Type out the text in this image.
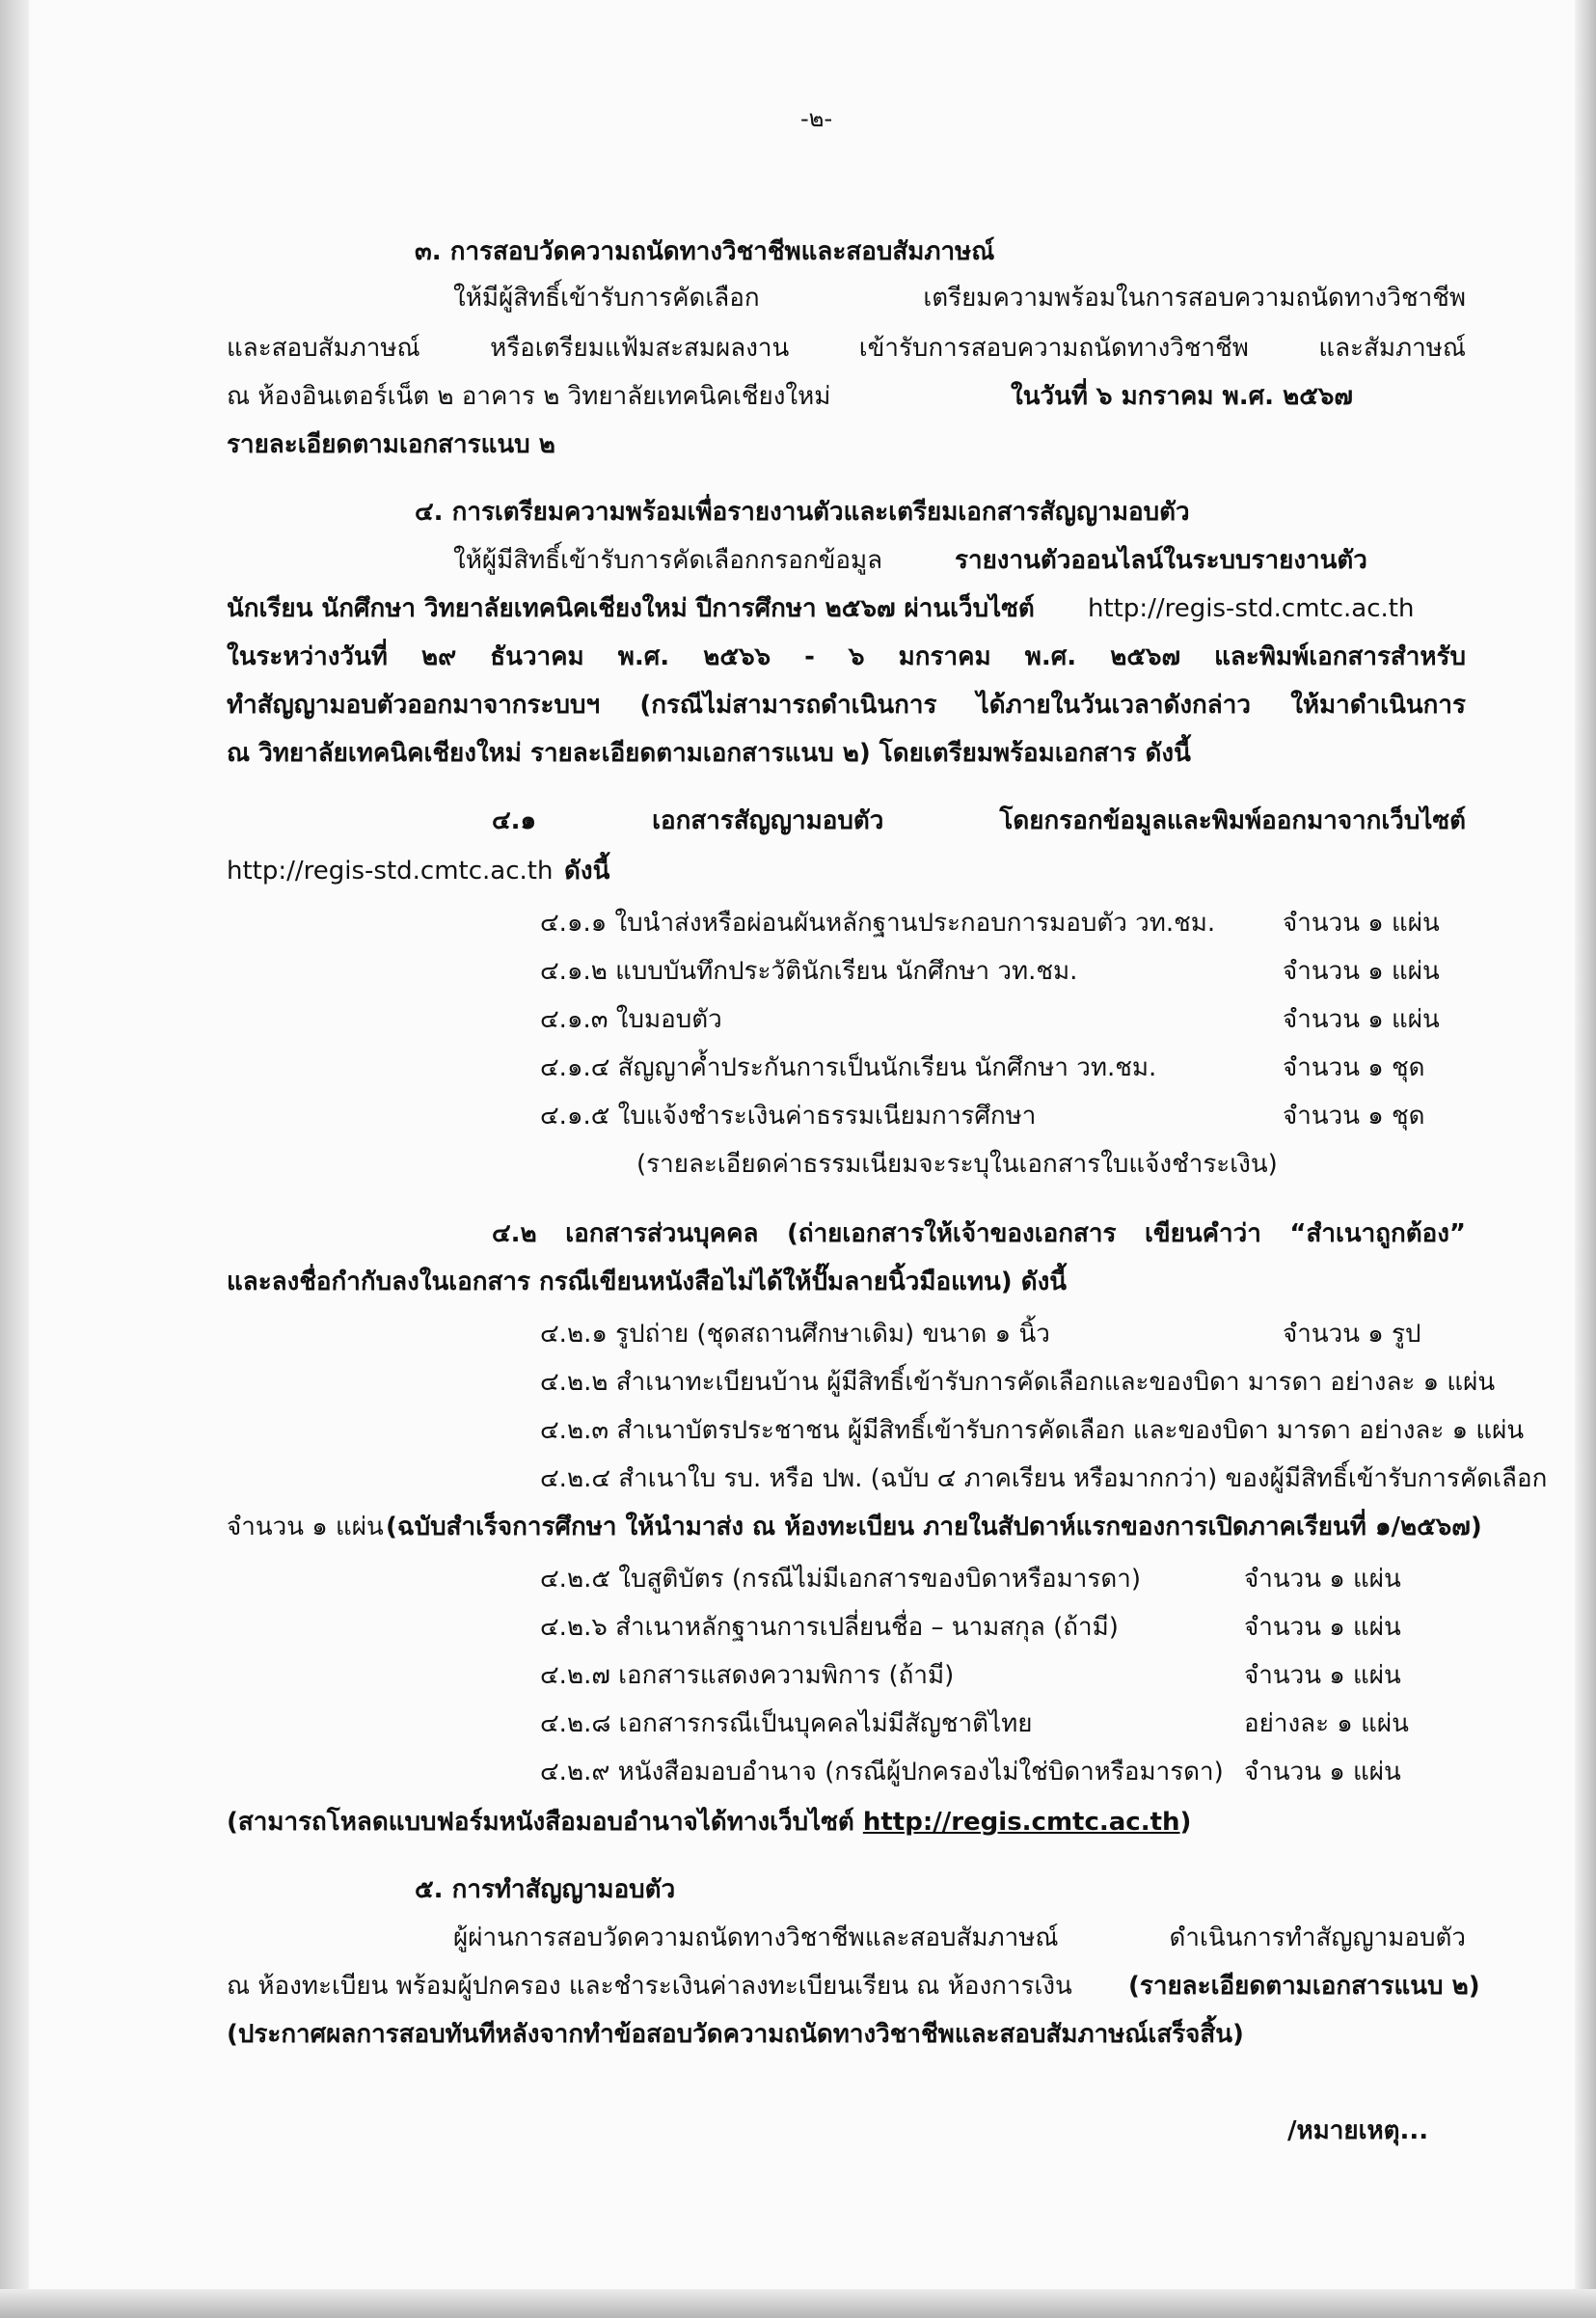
-๒-
๓. การสอบวัดความถนัดทางวิชาชีพและสอบสัมภาษณ์
ให้มีผู้สิทธิ์เข้ารับการคัดเลือก เตรียมความพร้อมในการสอบความถนัดทางวิชาชีพ
และสอบสัมภาษณ์ หรือเตรียมแฟ้มสะสมผลงาน เข้ารับการสอบความถนัดทางวิชาชีพ และสัมภาษณ์
ณ ห้องอินเตอร์เน็ต ๒ อาคาร ๒ วิทยาลัยเทคนิคเชียงใหม่	ในวันที่ ๖ มกราคม พ.ศ. ๒๕๖๗
รายละเอียดตามเอกสารแนบ ๒
๔. การเตรียมความพร้อมเพื่อรายงานตัวและเตรียมเอกสารสัญญามอบตัว
ให้ผู้มีสิทธิ์เข้ารับการคัดเลือกกรอกข้อมูล	รายงานตัวออนไลน์ในระบบรายงานตัว
นักเรียน นักศึกษา วิทยาลัยเทคนิคเชียงใหม่ ปีการศึกษา ๒๕๖๗ ผ่านเว็บไซต์ http://regis-std.cmtc.ac.th
ในระหว่างวันที่ ๒๙ ธันวาคม พ.ศ. ๒๕๖๖ - ๖ มกราคม พ.ศ. ๒๕๖๗ และพิมพ์เอกสารสำหรับ
ทำสัญญามอบตัวออกมาจากระบบฯ (กรณีไม่สามารถดำเนินการ ได้ภายในวันเวลาดังกล่าว ให้มาดำเนินการ
ณ วิทยาลัยเทคนิคเชียงใหม่ รายละเอียดตามเอกสารแนบ ๒) โดยเตรียมพร้อมเอกสาร ดังนี้
๔.๑ เอกสารสัญญามอบตัว โดยกรอกข้อมูลและพิมพ์ออกมาจากเว็บไซต์
http://regis-std.cmtc.ac.th ดังนี้
๔.๑.๑ ใบนำส่งหรือผ่อนผันหลักฐานประกอบการมอบตัว วท.ชม.	จำนวน ๑ แผ่น
๔.๑.๒ แบบบันทึกประวัตินักเรียน นักศึกษา วท.ชม.	จำนวน ๑ แผ่น
๔.๑.๓ ใบมอบตัว	จำนวน ๑ แผ่น
๔.๑.๔ สัญญาค้ำประกันการเป็นนักเรียน นักศึกษา วท.ชม.	จำนวน ๑ ชุด
๔.๑.๕ ใบแจ้งชำระเงินค่าธรรมเนียมการศึกษา	จำนวน ๑ ชุด
(รายละเอียดค่าธรรมเนียมจะระบุในเอกสารใบแจ้งชำระเงิน)
๔.๒ เอกสารส่วนบุคคล (ถ่ายเอกสารให้เจ้าของเอกสาร เขียนคำว่า “สำเนาถูกต้อง”
และลงชื่อกำกับลงในเอกสาร กรณีเขียนหนังสือไม่ได้ให้ปั๊มลายนิ้วมือแทน) ดังนี้
๔.๒.๑ รูปถ่าย (ชุดสถานศึกษาเดิม) ขนาด ๑ นิ้ว	จำนวน ๑ รูป
๔.๒.๒ สำเนาทะเบียนบ้าน ผู้มีสิทธิ์เข้ารับการคัดเลือกและของบิดา มารดา อย่างละ ๑ แผ่น
๔.๒.๓ สำเนาบัตรประชาชน ผู้มีสิทธิ์เข้ารับการคัดเลือก และของบิดา มารดา อย่างละ ๑ แผ่น
๔.๒.๔ สำเนาใบ รบ. หรือ ปพ. (ฉบับ ๔ ภาคเรียน หรือมากกว่า) ของผู้มีสิทธิ์เข้ารับการคัดเลือก
จำนวน ๑ แผ่น (ฉบับสำเร็จการศึกษา ให้นำมาส่ง ณ ห้องทะเบียน ภายในสัปดาห์แรกของการเปิดภาคเรียนที่ ๑/๒๕๖๗)
๔.๒.๕ ใบสูติบัตร (กรณีไม่มีเอกสารของบิดาหรือมารดา)	จำนวน ๑ แผ่น
๔.๒.๖ สำเนาหลักฐานการเปลี่ยนชื่อ – นามสกุล (ถ้ามี)	จำนวน ๑ แผ่น
๔.๒.๗ เอกสารแสดงความพิการ (ถ้ามี)	จำนวน ๑ แผ่น
๔.๒.๘ เอกสารกรณีเป็นบุคคลไม่มีสัญชาติไทย	อย่างละ ๑ แผ่น
๔.๒.๙ หนังสือมอบอำนาจ (กรณีผู้ปกครองไม่ใช่บิดาหรือมารดา) จำนวน ๑ แผ่น
(สามารถโหลดแบบฟอร์มหนังสือมอบอำนาจได้ทางเว็บไซต์ http://regis.cmtc.ac.th)
๕. การทำสัญญามอบตัว
ผู้ผ่านการสอบวัดความถนัดทางวิชาชีพและสอบสัมภาษณ์ ดำเนินการทำสัญญามอบตัว
ณ ห้องทะเบียน พร้อมผู้ปกครอง และชำระเงินค่าลงทะเบียนเรียน ณ ห้องการเงิน (รายละเอียดตามเอกสารแนบ ๒)
(ประกาศผลการสอบทันทีหลังจากทำข้อสอบวัดความถนัดทางวิชาชีพและสอบสัมภาษณ์เสร็จสิ้น)
/หมายเหตุ...
